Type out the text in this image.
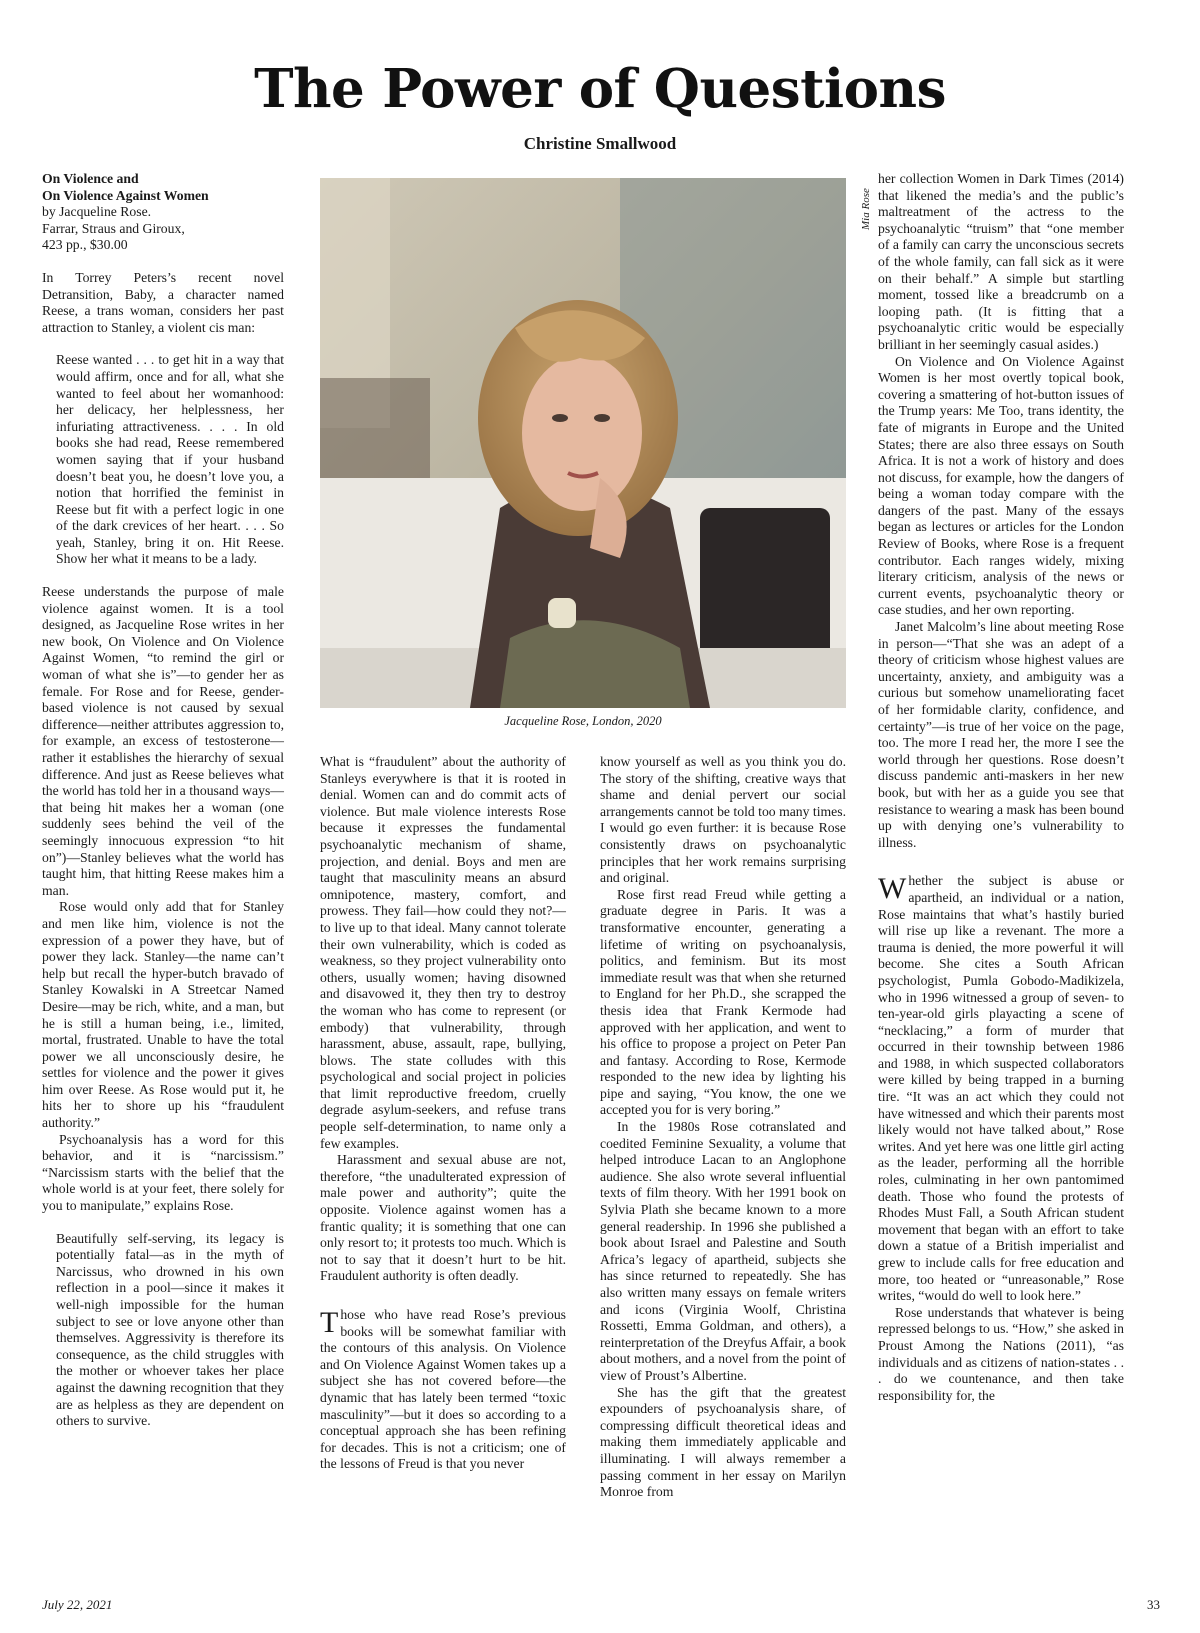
The Power of Questions
Christine Smallwood
On Violence and
On Violence Against Women
by Jacqueline Rose.
Farrar, Straus and Giroux,
423 pp., $30.00

In Torrey Peters’s recent novel Detransition, Baby, a character named Reese, a trans woman, considers her past attraction to Stanley, a violent cis man:

Reese wanted . . . to get hit in a way that would affirm, once and for all, what she wanted to feel about her womanhood: her delicacy, her helplessness, her infuriating attractiveness. . . . In old books she had read, Reese remembered women saying that if your husband doesn’t beat you, he doesn’t love you, a notion that horrified the feminist in Reese but fit with a perfect logic in one of the dark crevices of her heart. . . . So yeah, Stanley, bring it on. Hit Reese. Show her what it means to be a lady.

Reese understands the purpose of male violence against women. It is a tool designed, as Jacqueline Rose writes in her new book, On Violence and On Violence Against Women, “to remind the girl or woman of what she is”—to gender her as female. For Rose and for Reese, gender-based violence is not caused by sexual difference—neither attributes aggression to, for example, an excess of testosterone—rather it establishes the hierarchy of sexual difference. And just as Reese believes what the world has told her in a thousand ways—that being hit makes her a woman (one suddenly sees behind the veil of the seemingly innocuous expression “to hit on”)—Stanley believes what the world has taught him, that hitting Reese makes him a man.

Rose would only add that for Stanley and men like him, violence is not the expression of a power they have, but of power they lack. Stanley—the name can’t help but recall the hyper-butch bravado of Stanley Kowalski in A Streetcar Named Desire—may be rich, white, and a man, but he is still a human being, i.e., limited, mortal, frustrated. Unable to have the total power we all unconsciously desire, he settles for violence and the power it gives him over Reese. As Rose would put it, he hits her to shore up his “fraudulent authority.”

Psychoanalysis has a word for this behavior, and it is “narcissism.” “Narcissism starts with the belief that the whole world is at your feet, there solely for you to manipulate,” explains Rose.

Beautifully self-serving, its legacy is potentially fatal—as in the myth of Narcissus, who drowned in his own reflection in a pool—since it makes it well-nigh impossible for the human subject to see or love anyone other than themselves. Aggressivity is therefore its consequence, as the child struggles with the mother or whoever takes her place against the dawning recognition that they are as helpless as they are dependent on others to survive.

Mia Rose
Jacqueline Rose, London, 2020

What is “fraudulent” about the authority of Stanleys everywhere is that it is rooted in denial. Women can and do commit acts of violence. But male violence interests Rose because it expresses the fundamental psychoanalytic mechanism of shame, projection, and denial. Boys and men are taught that masculinity means an absurd omnipotence, mastery, comfort, and prowess. They fail—how could they not?—to live up to that ideal. Many cannot tolerate their own vulnerability, which is coded as weakness, so they project vulnerability onto others, usually women; having disowned and disavowed it, they then try to destroy the woman who has come to represent (or embody) that vulnerability, through harassment, abuse, assault, rape, bullying, blows. The state colludes with this psychological and social project in policies that limit reproductive freedom, cruelly degrade asylum-seekers, and refuse trans people self-determination, to name only a few examples.

Harassment and sexual abuse are not, therefore, “the unadulterated expression of male power and authority”; quite the opposite. Violence against women has a frantic quality; it is something that one can only resort to; it protests too much. Which is not to say that it doesn’t hurt to be hit. Fraudulent authority is often deadly.

Those who have read Rose’s previous books will be somewhat familiar with the contours of this analysis. On Violence and On Violence Against Women takes up a subject she has not covered before—the dynamic that has lately been termed “toxic masculinity”—but it does so according to a conceptual approach she has been refining for decades. This is not a criticism; one of the lessons of Freud is that you never

know yourself as well as you think you do. The story of the shifting, creative ways that shame and denial pervert our social arrangements cannot be told too many times. I would go even further: it is because Rose consistently draws on psychoanalytic principles that her work remains surprising and original.

Rose first read Freud while getting a graduate degree in Paris. It was a transformative encounter, generating a lifetime of writing on psychoanalysis, politics, and feminism. But its most immediate result was that when she returned to England for her Ph.D., she scrapped the thesis idea that Frank Kermode had approved with her application, and went to his office to propose a project on Peter Pan and fantasy. According to Rose, Kermode responded to the new idea by lighting his pipe and saying, “You know, the one we accepted you for is very boring.”

In the 1980s Rose cotranslated and coedited Feminine Sexuality, a volume that helped introduce Lacan to an Anglophone audience. She also wrote several influential texts of film theory. With her 1991 book on Sylvia Plath she became known to a more general readership. In 1996 she published a book about Israel and Palestine and South Africa’s legacy of apartheid, subjects she has since returned to repeatedly. She has also written many essays on female writers and icons (Virginia Woolf, Christina Rossetti, Emma Goldman, and others), a reinterpretation of the Dreyfus Affair, a book about mothers, and a novel from the point of view of Proust’s Albertine.

She has the gift that the greatest expounders of psychoanalysis share, of compressing difficult theoretical ideas and making them immediately applicable and illuminating. I will always remember a passing comment in her essay on Marilyn Monroe from

her collection Women in Dark Times (2014) that likened the media’s and the public’s maltreatment of the actress to the psychoanalytic “truism” that “one member of a family can carry the unconscious secrets of the whole family, can fall sick as it were on their behalf.” A simple but startling moment, tossed like a breadcrumb on a looping path. (It is fitting that a psychoanalytic critic would be especially brilliant in her seemingly casual asides.)

On Violence and On Violence Against Women is her most overtly topical book, covering a smattering of hot-button issues of the Trump years: Me Too, trans identity, the fate of migrants in Europe and the United States; there are also three essays on South Africa. It is not a work of history and does not discuss, for example, how the dangers of being a woman today compare with the dangers of the past. Many of the essays began as lectures or articles for the London Review of Books, where Rose is a frequent contributor. Each ranges widely, mixing literary criticism, analysis of the news or current events, psychoanalytic theory or case studies, and her own reporting.

Janet Malcolm’s line about meeting Rose in person—“That she was an adept of a theory of criticism whose highest values are uncertainty, anxiety, and ambiguity was a curious but somehow unameliorating facet of her formidable clarity, confidence, and certainty”—is true of her voice on the page, too. The more I read her, the more I see the world through her questions. Rose doesn’t discuss pandemic anti-maskers in her new book, but with her as a guide you see that resistance to wearing a mask has been bound up with denying one’s vulnerability to illness.

Whether the subject is abuse or apartheid, an individual or a nation, Rose maintains that what’s hastily buried will rise up like a revenant. The more a trauma is denied, the more powerful it will become. She cites a South African psychologist, Pumla Gobodo-Madikizela, who in 1996 witnessed a group of seven- to ten-year-old girls playacting a scene of “necklacing,” a form of murder that occurred in their township between 1986 and 1988, in which suspected collaborators were killed by being trapped in a burning tire. “It was an act which they could not have witnessed and which their parents most likely would not have talked about,” Rose writes. And yet here was one little girl acting as the leader, performing all the horrible roles, culminating in her own pantomimed death. Those who found the protests of Rhodes Must Fall, a South African student movement that began with an effort to take down a statue of a British imperialist and grew to include calls for free education and more, too heated or “unreasonable,” Rose writes, “would do well to look here.”

Rose understands that whatever is being repressed belongs to us. “How,” she asked in Proust Among the Nations (2011), “as individuals and as citizens of nation-states . . . do we countenance, and then take responsibility for, the

July 22, 2021	33
